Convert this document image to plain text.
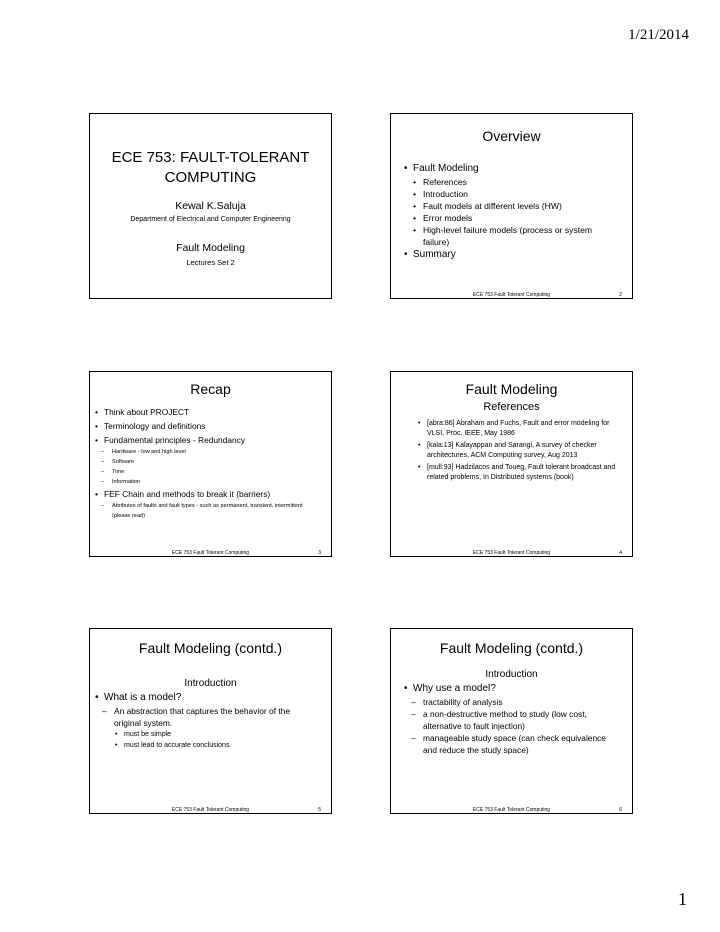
1/21/2014
ECE 753: FAULT-TOLERANT
COMPUTING
Kewal K.Saluja
Department of Electrical and Computer Engineering
Fault Modeling
Lectures Set 2
Overview
• Fault Modeling
• References
• Introduction
• Fault models at different levels (HW)
• Error models
• High-level failure models (process or system failure)
• Summary
ECE 753 Fault Tolerant Computing	2
Recap
• Think about PROJECT
• Terminology and definitions
• Fundamental principles - Redundancy
– Hardware - low and high level
– Software
– Time
– Information
• FEF Chain and methods to break it (barriers)
– Attributes of faults and fault types - such as permanent, transient, intermittent (please read)
ECE 753 Fault Tolerant Computing	3
Fault Modeling
References
• [abra:86] Abraham and Fuchs, Fault and error modeling for VLSI, Proc. IEEE, May 1986
• [kala:13] Kalayappan and Sarangi, A survey of checker architectures, ACM Computing survey, Aug 2013
• [mull:93] Hadzilacos and Toueg, Fault tolerant broadcast and related problems, In Distributed systems (book)
ECE 753 Fault Tolerant Computing	4
Fault Modeling (contd.)
Introduction
• What is a model?
– An abstraction that captures the behavior of the original system.
• must be simple
• must lead to accurate conclusions
ECE 753 Fault Tolerant Computing	5
Fault Modeling (contd.)
Introduction
• Why use a model?
– tractability of analysis
– a non-destructive method to study (low cost, alternative to fault injection)
– manageable study space (can check equivalence and reduce the study space)
ECE 753 Fault Tolerant Computing	6
1
